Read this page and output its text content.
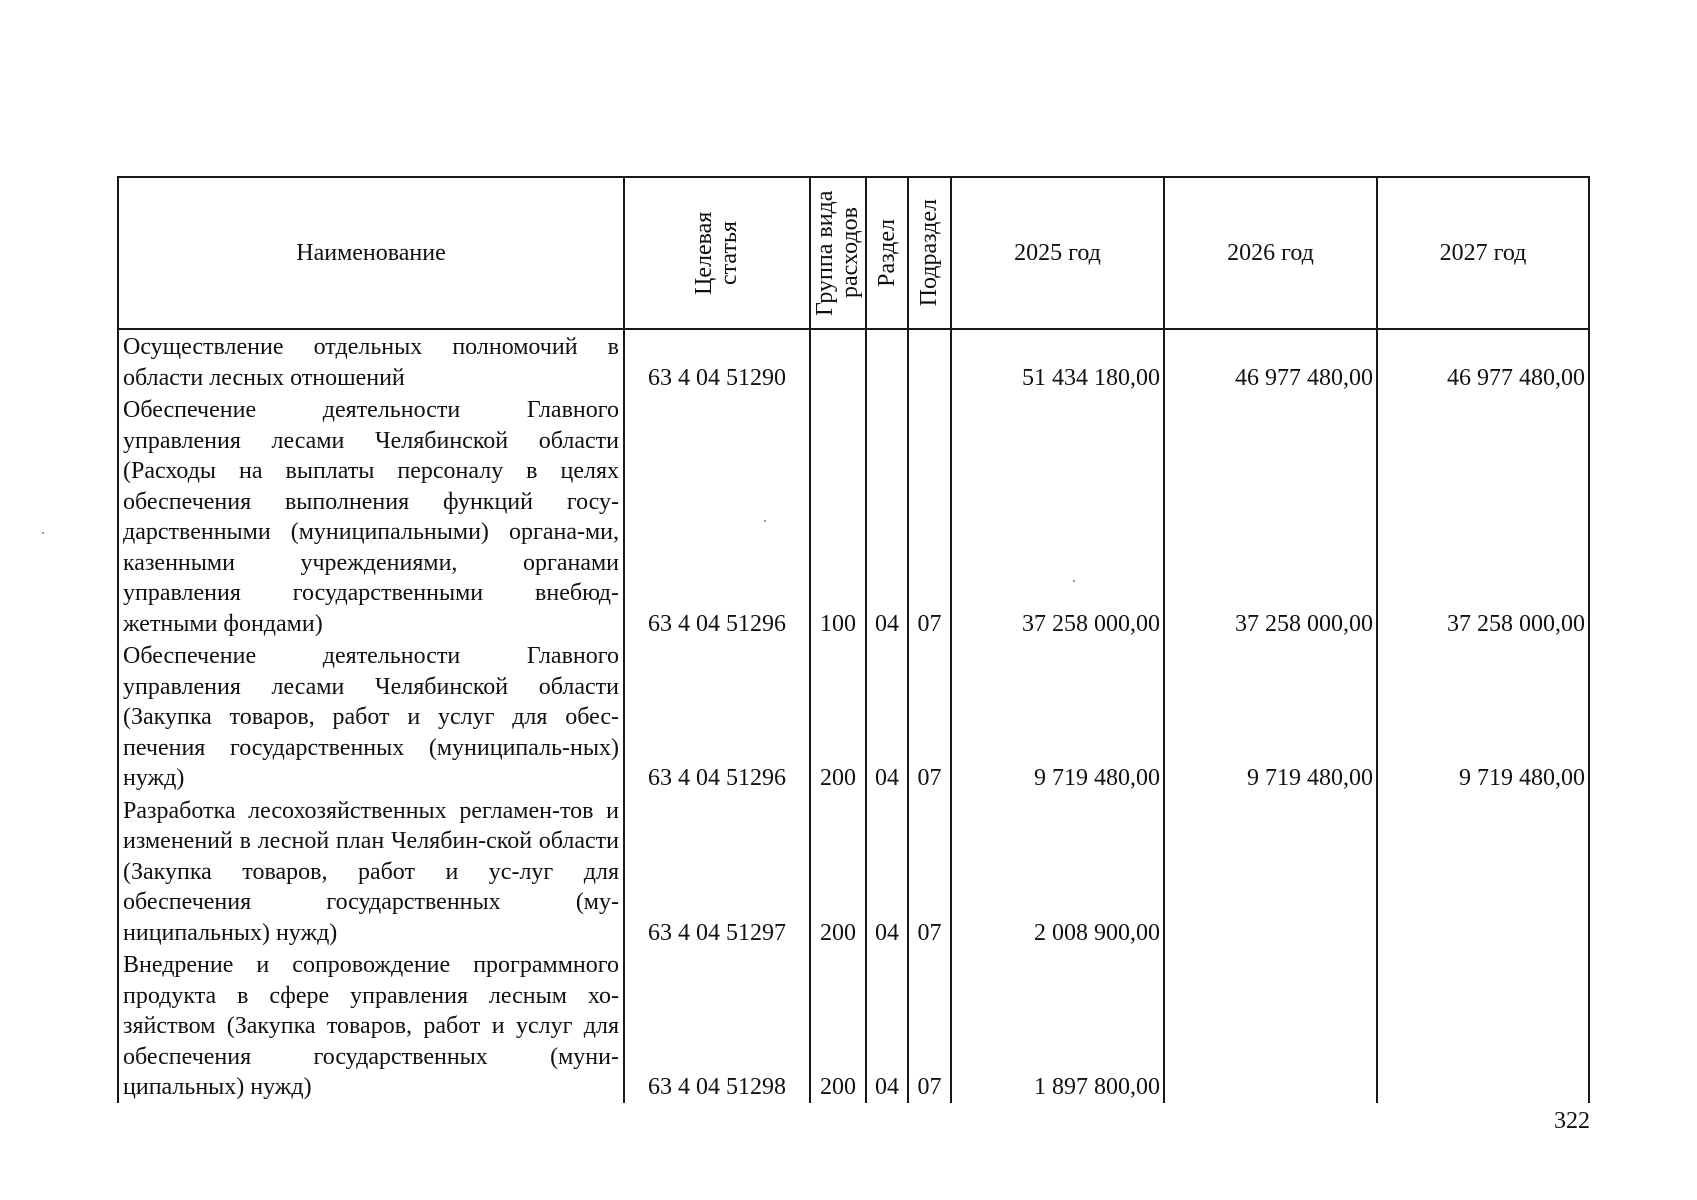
Наименование	Целевая статья	Группа вида расходов	Раздел	Подраздел	2025 год	2026 год	2027 год
Осуществление отдельных полномочий в области лесных отношений	63 4 04 51290				51 434 180,00	46 977 480,00	46 977 480,00
Обеспечение деятельности Главного управления лесами Челябинской области (Расходы на выплаты персоналу в целях обеспечения выполнения функций госу-дарственными (муниципальными) органа-ми, казенными учреждениями, органами управления государственными внебюд-жетными фондами)	63 4 04 51296	100	04	07	37 258 000,00	37 258 000,00	37 258 000,00
Обеспечение деятельности Главного управления лесами Челябинской области (Закупка товаров, работ и услуг для обес-печения государственных (муниципаль-ных) нужд)	63 4 04 51296	200	04	07	9 719 480,00	9 719 480,00	9 719 480,00
Разработка лесохозяйственных регламен-тов и изменений в лесной план Челябин-ской области (Закупка товаров, работ и ус-луг для обеспечения государственных (му-ниципальных) нужд)	63 4 04 51297	200	04	07	2 008 900,00		
Внедрение и сопровождение программного продукта в сфере управления лесным хо-зяйством (Закупка товаров, работ и услуг для обеспечения государственных (муни-ципальных) нужд)	63 4 04 51298	200	04	07	1 897 800,00		
322
